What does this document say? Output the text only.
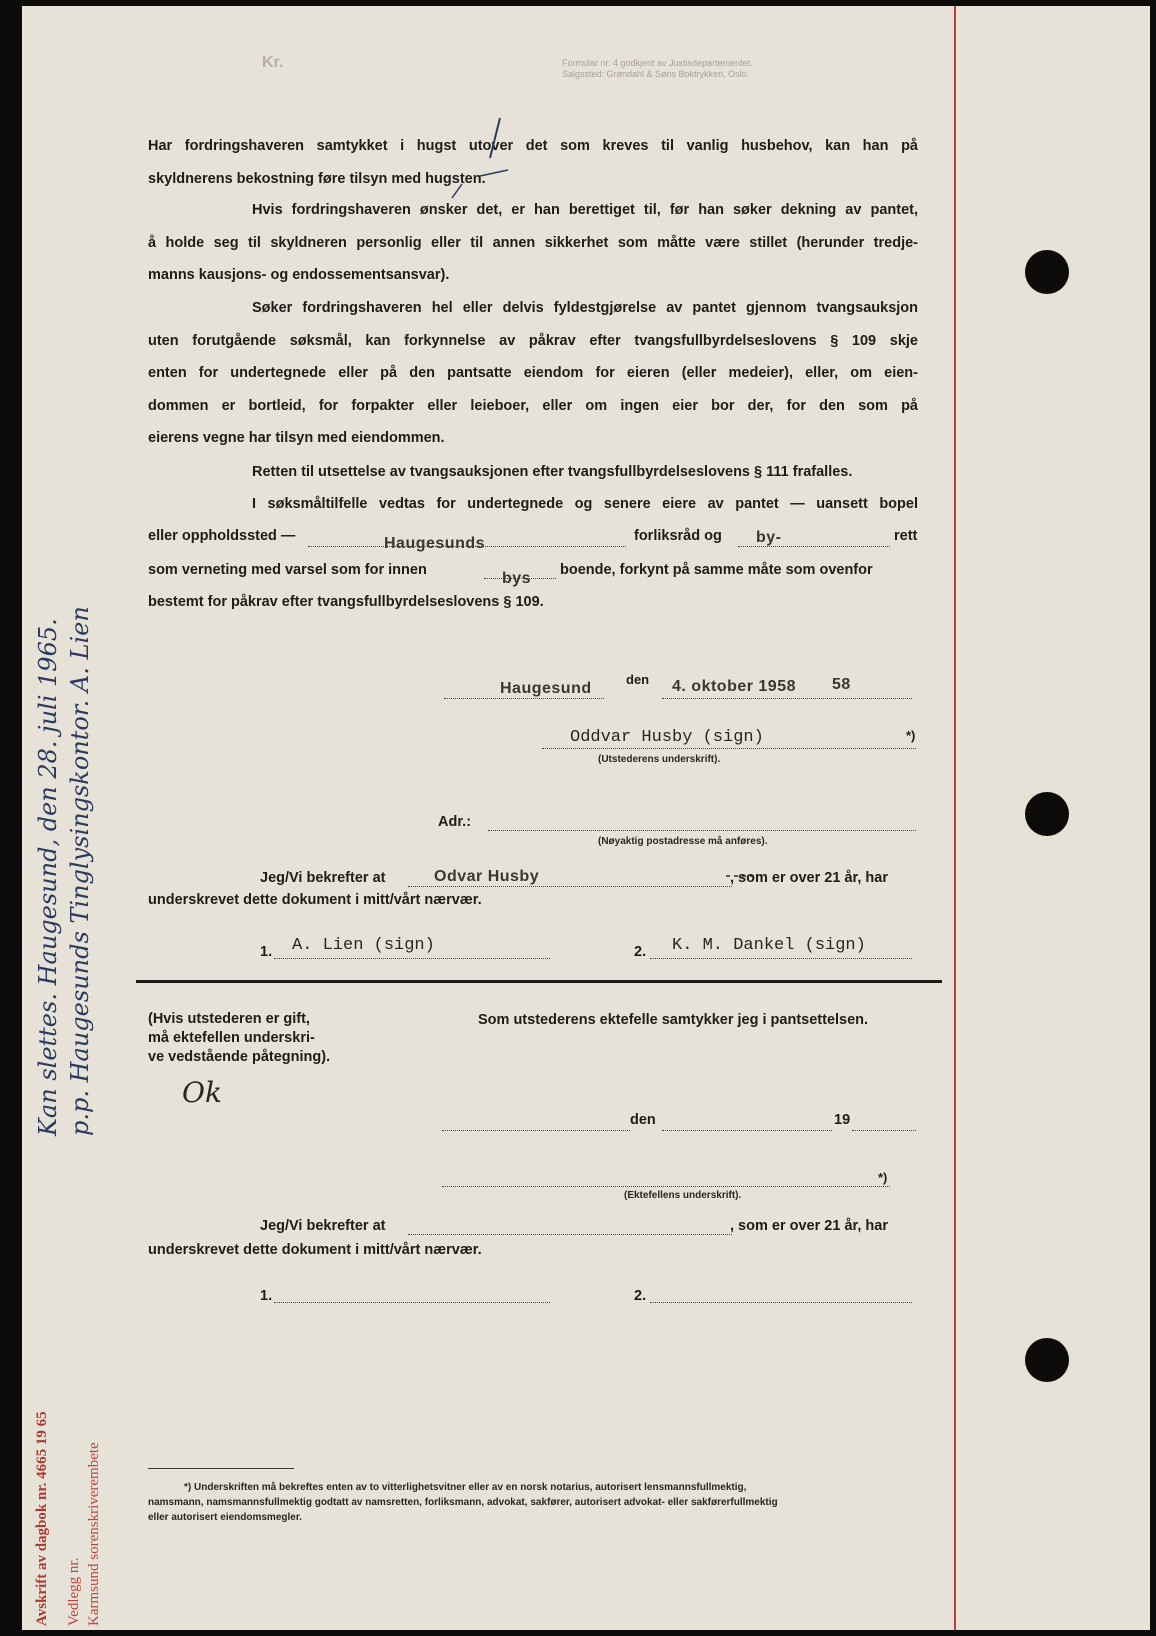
Kr.	Formular nr. 4 godkjent av Justisdepartementet. Salgssted: Grøndahl & Søns Boktrykkeri, Oslo.

Har fordringshaveren samtykket i hugst utover det som kreves til vanlig husbehov, kan han på

skyldnerens bekostning føre tilsyn med hugsten.

Hvis fordringshaveren ønsker det, er han berettiget til, før han søker dekning av pantet,

å holde seg til skyldneren personlig eller til annen sikkerhet som måtte være stillet (herunder tredje-

manns kausjons- og endossementsansvar).

Søker fordringshaveren hel eller delvis fyldestgjørelse av pantet gjennom tvangsauksjon

uten forutgående søksmål, kan forkynnelse av påkrav efter tvangsfullbyrdelseslovens § 109 skje

enten for undertegnede eller på den pantsatte eiendom for eieren (eller medeier), eller, om eien-

dommen er bortleid, for forpakter eller leieboer, eller om ingen eier bor der, for den som på

eierens vegne har tilsyn med eiendommen.

Retten til utsettelse av tvangsauksjonen efter tvangsfullbyrdelseslovens § 111 frafalles.

I søksmåltilfelle vedtas for undertegnede og senere eiere av pantet — uansett bopel

eller oppholdssted —	Haugesunds	forliksråd og by-	rett
som verneting med varsel som for innen	bys boende, forkynt på samme måte som ovenfor
bestemt for påkrav efter tvangsfullbyrdelseslovens § 109.
Haugesund
den 4. oktober 1958 58
Oddvar Husby (sign)	*)
(Utstederens underskrift).
Adr.:
(Nøyaktig postadresse må anføres).
Jeg/Vi bekrefter at	Odvar Husby	, som er over 21 år, har
underskrevet dette dokument i mitt/vårt nærvær.
1. A. Lien (sign)	2. K. M. Dankel (sign)
(Hvis utstederen er gift,
må ektefellen underskri-
ve vedstående påtegning).
Som utstederens ektefelle samtykker jeg i pantsettelsen.
Ok
den	19
*)
(Ektefellens underskrift).
Jeg/Vi bekrefter at	, som er over 21 år, har
underskrevet dette dokument i mitt/vårt nærvær.
1.	2.

*) Underskriften må bekreftes enten av to vitterlighetsvitner eller av en norsk notarius, autorisert lensmannsfullmektig,

namsmann, namsmannsfullmektig godtatt av namsretten, forliksmann, advokat, sakfører, autorisert advokat- eller sakførerfullmektig

eller autorisert eiendomsmegler.

Kan slettes. Haugesund, den 28. juli 1965. p.p. Haugesunds Tinglysingskontor. A. Lien
Avskrift av dagbok nr. 4665 19 65 Vedlegg nr. Karmsund sorenskriverembete
